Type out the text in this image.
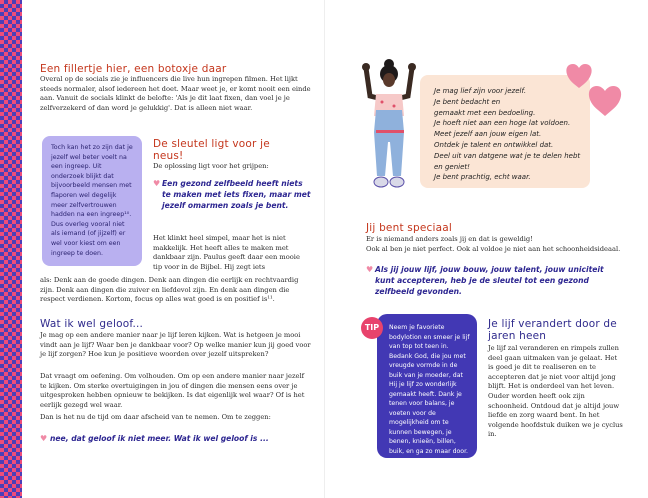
Een fillertje hier, een botoxje daar
Overal op de socials zie je influencers die live hun ingrepen filmen. Het lijkt steeds normaler, alsof iedereen het doet. Maar weet je, er komt nooit een einde aan. Vanuit de socials klinkt de belofte: 'Als je dit laat fixen, dan voel je je zelfverzekerd of dan word je gelukkig'. Dat is alleen niet waar.
Toch kan het zo zijn dat je jezelf wel beter voelt na een ingreep. Uit onderzoek blijkt dat bijvoorbeeld mensen met flaporen wel degelijk meer zelfvertrouwen hadden na een ingreep¹⁰. Dus overleg vooral niet als iemand (of jijzelf) er wel voor kiest om een ingreep te doen.
De sleutel ligt voor je neus!
De oplossing ligt voor het grijpen:
♥ Een gezond zelfbeeld heeft niets te maken met iets fixen, maar met jezelf omarmen zoals je bent.
Het klinkt heel simpel, maar het is niet makkelijk. Het heeft alles te maken met dankbaar zijn. Paulus geeft daar een mooie tip voor in de Bijbel. Hij zegt iets
als: Denk aan de goede dingen. Denk aan dingen die eerlijk en rechtvaardig zijn. Denk aan dingen die zuiver en liefdevol zijn. En denk aan dingen die respect verdienen. Kortom, focus op alles wat goed is en positief is¹¹.
Wat ik wel geloof...
Je mag op een andere manier naar je lijf leren kijken. Wat is hetgeen je mooi vindt aan je lijf? Waar ben je dankbaar voor? Op welke manier kun jij goed voor je lijf zorgen? Hoe kun je positieve woorden over jezelf uitspreken?
Dat vraagt om oefening. Om volhouden. Om op een andere manier naar jezelf te kijken. Om sterke overtuigingen in jou of dingen die mensen eens over je uitgesproken hebben opnieuw te bekijken. Is dat eigenlijk wel waar? Of is het eerlijk gezegd wel waar.
Dan is het nu de tijd om daar afscheid van te nemen. Om te zeggen:
♥ nee, dat geloof ik niet meer. Wat ik wel geloof is ...
Je mag lief zijn voor jezelf.
Je bent bedacht en
gemaakt met een bedoeling.
Je hoeft niet aan een hoge lat voldoen.
Meet jezelf aan jouw eigen lat.
Ontdek je talent en ontwikkel dat.
Deel uit van datgene wat je te delen hebt
en geniet!
Je bent prachtig, echt waar.
Jij bent speciaal
Er is niemand anders zoals jij en dat is geweldig!
Ook al ben je niet perfect. Ook al voldoe je niet aan het schoonheidsideaal.
♥ Als jij jouw lijf, jouw bouw, jouw talent, jouw uniciteit kunt accepteren, heb je de sleutel tot een gezond zelfbeeld gevonden.
Neem je favoriete bodylotion en smeer je lijf van top tot teen in. Bedank God, die jou met vreugde vormde in de buik van je moeder, dat Hij je lijf zo wonderlijk gemaakt heeft. Dank je tenen voor balans, je voeten voor de mogelijkheid om te kunnen bewegen, je benen, knieën, billen, buik, en ga zo maar door.
TIP	Je lijf verandert door de jaren heen
Je lijf zal veranderen en rimpels zullen deel gaan uitmaken van je gelaat. Het is goed je dit te realiseren en te accepteren dat je niet voor altijd jong blijft. Het is onderdeel van het leven. Ouder worden heeft ook zijn schoonheid. Ontdoud dat je altijd jouw liefde en zorg waard bent. In het volgende hoofdstuk duiken we je cyclus in.
